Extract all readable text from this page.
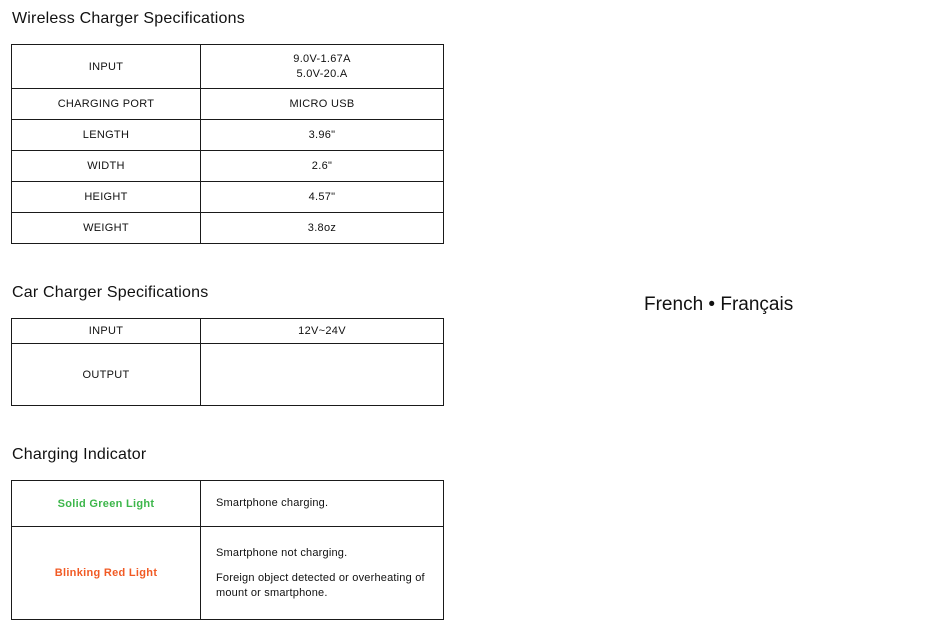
Wireless Charger Specifications
INPUT	9.0V-1.67A
5.0V-20.A

CHARGING PORT	MICRO USB
LENGTH	3.96"
WIDTH	2.6"
HEIGHT	4.57"
WEIGHT	3.8oz
Car Charger Specifications
INPUT	12V~24V
OUTPUT	
Charging Indicator
Solid Green Light	Smartphone charging.

Blinking Red Light	Smartphone not charging.
Foreign object detected or overheating of mount or smartphone.
French • Français
